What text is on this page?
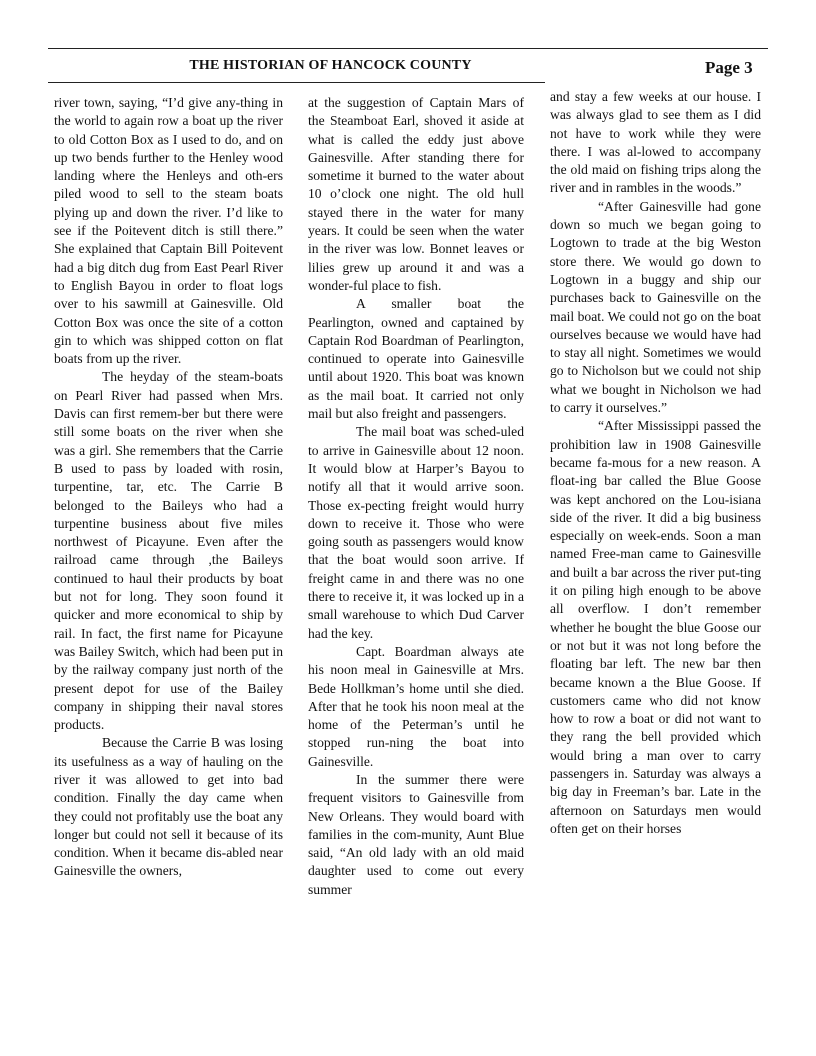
THE HISTORIAN OF HANCOCK COUNTY	Page 3

river town, saying, “I’d give any-thing in the world to again row a boat up the river to old Cotton Box as I used to do, and on up two bends further to the Henley wood landing where the Henleys and oth-ers piled wood to sell to the steam boats plying up and down the river. I’d like to see if the Poitevent ditch is still there.” She explained that Captain Bill Poitevent had a big ditch dug from East Pearl River to English Bayou in order to float logs over to his sawmill at Gainesville. Old Cotton Box was once the site of a cotton gin to which was shipped cotton on flat boats from up the river.

The heyday of the steam-boats on Pearl River had passed when Mrs. Davis can first remem-ber but there were still some boats on the river when she was a girl. She remembers that the Carrie B used to pass by loaded with rosin, turpentine, tar, etc. The Carrie B belonged to the Baileys who had a turpentine business about five miles northwest of Picayune. Even after the railroad came through ,the Baileys continued to haul their products by boat but not for long. They soon found it quicker and more economical to ship by rail. In fact, the first name for Picayune was Bailey Switch, which had been put in by the railway company just north of the present depot for use of the Bailey company in shipping their naval stores products.

Because the Carrie B was losing its usefulness as a way of hauling on the river it was allowed to get into bad condition. Finally the day came when they could not profitably use the boat any longer but could not sell it because of its condition. When it became dis-abled near Gainesville the owners,

at the suggestion of Captain Mars of the Steamboat Earl, shoved it aside at what is called the eddy just above Gainesville. After standing there for sometime it burned to the water about 10 o’clock one night. The old hull stayed there in the water for many years. It could be seen when the water in the river was low. Bonnet leaves or lilies grew up around it and was a wonder-ful place to fish.

A smaller boat the Pearlington, owned and captained by Captain Rod Boardman of Pearlington, continued to operate into Gainesville until about 1920. This boat was known as the mail boat. It carried not only mail but also freight and passengers.

The mail boat was sched-uled to arrive in Gainesville about 12 noon. It would blow at Harper’s Bayou to notify all that it would arrive soon. Those ex-pecting freight would hurry down to receive it. Those who were going south as passengers would know that the boat would soon arrive. If freight came in and there was no one there to receive it, it was locked up in a small warehouse to which Dud Carver had the key.

Capt. Boardman always ate his noon meal in Gainesville at Mrs. Bede Hollkman’s home until she died. After that he took his noon meal at the home of the Peterman’s until he stopped run-ning the boat into Gainesville.

In the summer there were frequent visitors to Gainesville from New Orleans. They would board with families in the com-munity, Aunt Blue said, “An old lady with an old maid daughter used to come out every summer

and stay a few weeks at our house. I was always glad to see them as I did not have to work while they were there. I was al-lowed to accompany the old maid on fishing trips along the river and in rambles in the woods.”

“After Gainesville had gone down so much we began going to Logtown to trade at the big Weston store there. We would go down to Logtown in a buggy and ship our purchases back to Gainesville on the mail boat. We could not go on the boat ourselves because we would have had to stay all night. Sometimes we would go to Nicholson but we could not ship what we bought in Nicholson we had to carry it ourselves.”

“After Mississippi passed the prohibition law in 1908 Gainesville became fa-mous for a new reason. A float-ing bar called the Blue Goose was kept anchored on the Lou-isiana side of the river. It did a big business especially on week-ends. Soon a man named Free-man came to Gainesville and built a bar across the river put-ting it on piling high enough to be above all overflow. I don’t remember whether he bought the blue Goose our or not but it was not long before the floating bar left. The new bar then became known a the Blue Goose. If customers came who did not know how to row a boat or did not want to they rang the bell provided which would bring a man over to carry passengers in. Saturday was always a big day in Freeman’s bar. Late in the afternoon on Saturdays men would often get on their horses
